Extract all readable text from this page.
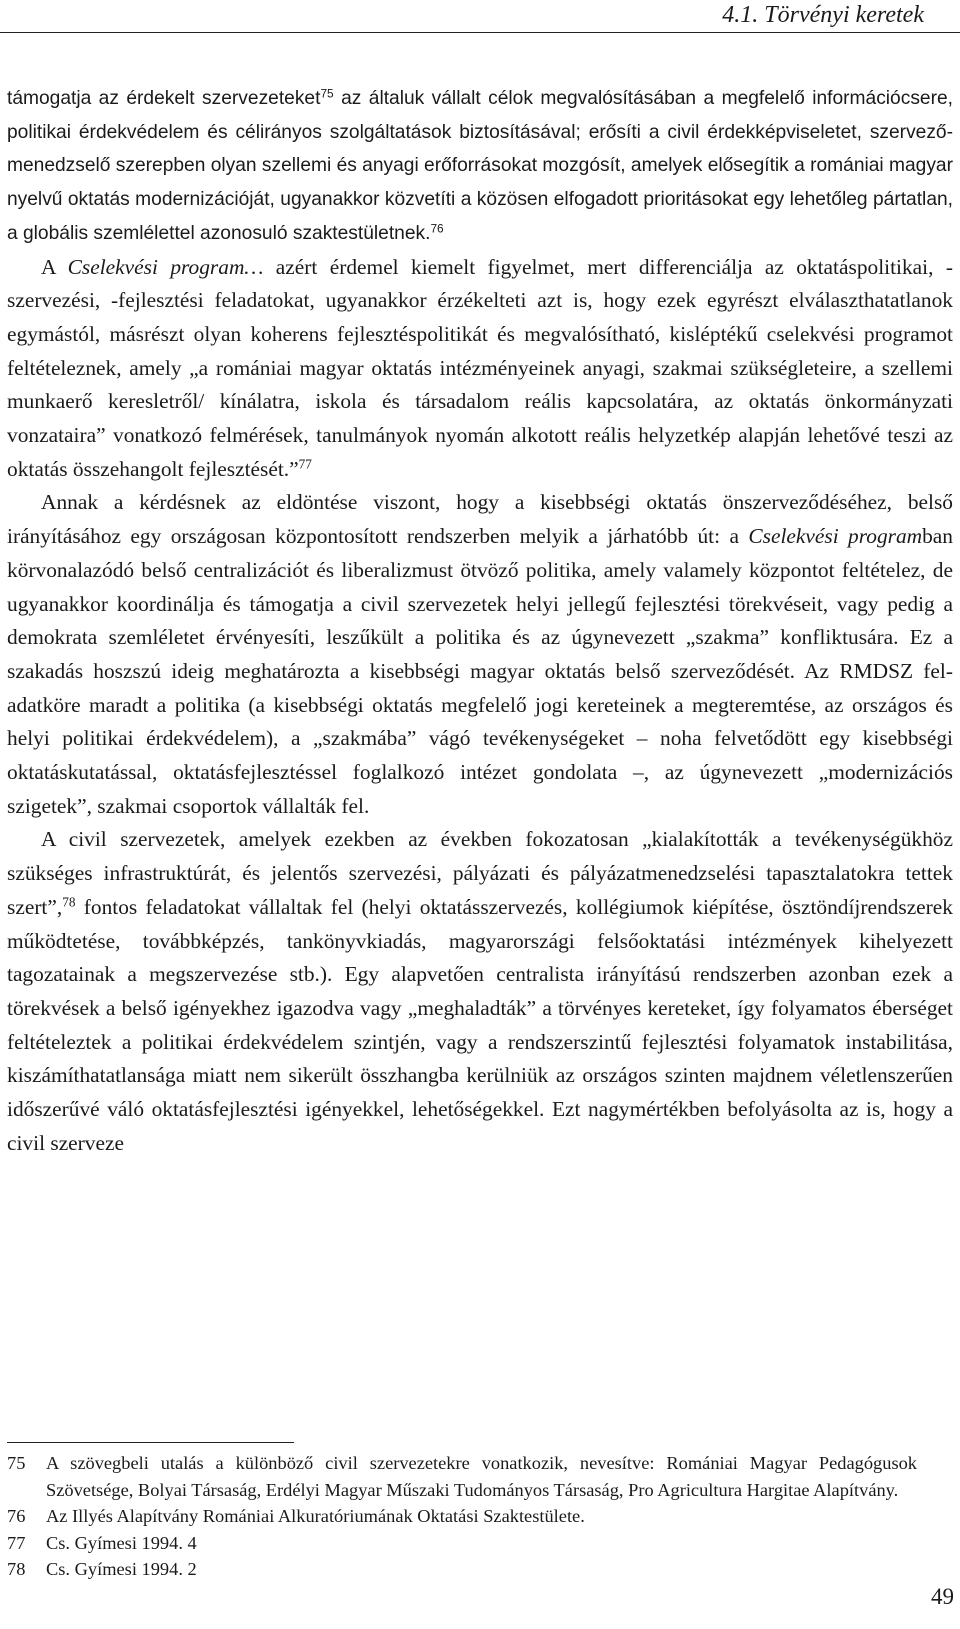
4.1. Törvényi keretek

támogatja az érdekelt szervezeteket$^{75}$ az általuk vállalt célok megvalósításában a megfelelő információcsere, politikai érdekvédelem és célirányos szolgáltatások biztosításával; erősíti a civil érdekképviseletet, szervező-menedzselő szerepben olyan szellemi és anyagi erőforrásokat mozgósít, amelyek elősegítik a romániai magyar nyelvű oktatás modernizációját, ugyanakkor közvetíti a közösen elfogadott prioritásokat egy lehetőleg pártatlan, a globális szemlélettel azonosuló szaktestületnek.$^{76}$

A Cselekvési program… azért érdemel kiemelt figyelmet, mert differenciálja az oktatáspolitikai, -szervezési, -fejlesztési feladatokat, ugyanakkor érzékelteti azt is, hogy ezek egyrészt elválaszthatatlanok egymástól, másrészt olyan koherens fejlesztéspolitikát és megvalósítható, kisléptékű cselekvési programot feltételeznek, amely „a romániai magyar oktatás intézményeinek anyagi, szakmai szükségleteire, a szellemi munkaerő keresletről/ kínálatra, iskola és társadalom reális kapcsolatára, az oktatás önkormányzati vonzataira” vonatkozó felmérések, tanulmányok nyomán alkotott reális helyzetkép alapján lehetővé teszi az oktatás összehangolt fejlesztését.”$^{77}$

Annak a kérdésnek az eldöntése viszont, hogy a kisebbségi oktatás önszerveződéséhez, belső irányításához egy országosan központosított rendszerben melyik a járhatóbb út: a Cselekvési programban körvonalazódó belső centralizációt és liberalizmust ötvöző politika, amely valamely központot feltételez, de ugyanakkor koordinálja és támogatja a civil szervezetek helyi jellegű fejlesztési törekvéseit, vagy pedig a demokrata szemléletet érvényesíti, leszűkült a politika és az úgynevezett „szakma” konfliktusára. Ez a szakadás hoszszú ideig meghatározta a kisebbségi magyar oktatás belső szerveződését. Az RMDSZ feladatköre maradt a politika (a kisebbségi oktatás megfelelő jogi kereteinek a megteremtése, az országos és helyi politikai érdekvédelem), a „szakmába” vágó tevékenységeket – noha felvetődött egy kisebbségi oktatáskutatással, oktatásfejlesztéssel foglalkozó intézet gondolata –, az úgynevezett „modernizációs szigetek”, szakmai csoportok vállalták fel.

A civil szervezetek, amelyek ezekben az években fokozatosan „kialakították a tevékenységükhöz szükséges infrastruktúrát, és jelentős szervezési, pályázati és pályázatmenedzselési tapasztalatokra tettek szert”,$^{78}$ fontos feladatokat vállaltak fel (helyi oktatásszervezés, kollégiumok kiépítése, ösztöndíjrendszerek működtetése, továbbképzés, tankönyvkiadás, magyarországi felsőoktatási intézmények kihelyezett tagozatainak a megszervezése stb.). Egy alapvetően centralista irányítású rendszerben azonban ezek a törekvések a belső igényekhez igazodva vagy „meghaladták” a törvényes kereteket, így folyamatos éberséget feltételeztek a politikai érdekvédelem szintjén, vagy a rendszerszintű fejlesztési folyamatok instabilitása, kiszámíthatatlansága miatt nem sikerült összhangba kerülniük az országos szinten majdnem véletlenszerűen időszerűvé váló oktatásfejlesztési igényekkel, lehetőségekkel. Ezt nagymértékben befolyásolta az is, hogy a civil szerveze

75	A szövegbeli utalás a különböző civil szervezetekre vonatkozik, nevesítve: Romániai Magyar Pedagógusok Szövetsége, Bolyai Társaság, Erdélyi Magyar Műszaki Tudományos Társaság, Pro Agricultura Hargitae Alapítvány.
76	Az Illyés Alapítvány Romániai Alkuratóriumának Oktatási Szaktestülete.
77	Cs. Gyímesi 1994. 4
78	Cs. Gyímesi 1994. 2
49
